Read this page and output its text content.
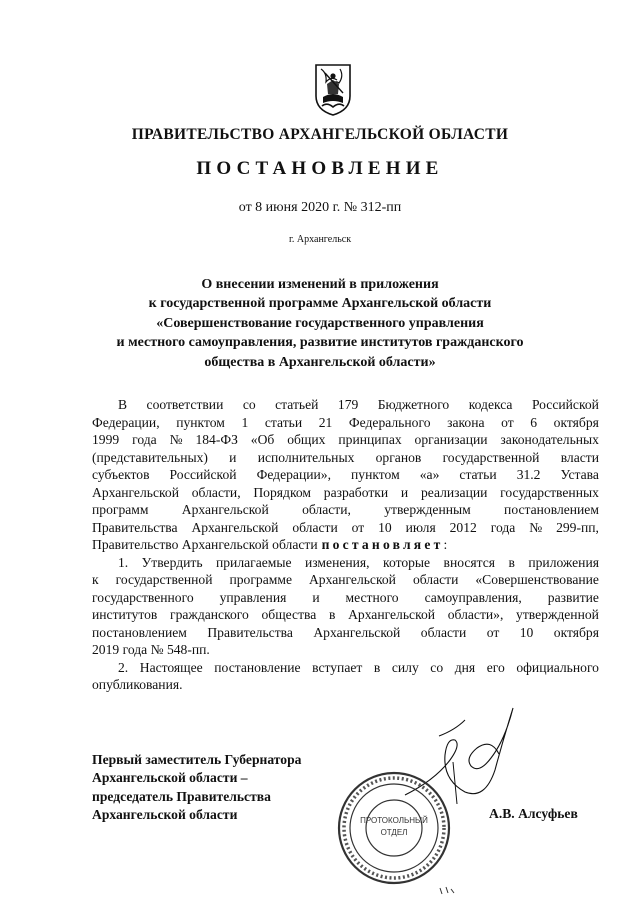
ПРАВИТЕЛЬСТВО АРХАНГЕЛЬСКОЙ ОБЛАСТИ
ПОСТАНОВЛЕНИЕ
от 8 июня 2020 г. № 312-пп
г. Архангельск
О внесении изменений в приложения
к государственной программе Архангельской области
«Совершенствование государственного управления
и местного самоуправления, развитие институтов гражданского
общества в Архангельской области»
В соответствии со статьей 179 Бюджетного кодекса Российской
Федерации, пунктом 1 статьи 21 Федерального закона от 6 октября
1999 года № 184-ФЗ «Об общих принципах организации законодательных
(представительных) и исполнительных органов государственной власти
субъектов Российской Федерации», пунктом «а» статьи 31.2 Устава
Архангельской области, Порядком разработки и реализации государственных
программ Архангельской области, утвержденным постановлением
Правительства Архангельской области от 10 июля 2012 года № 299-пп,
Правительство Архангельской области постановляет :
1. Утвердить прилагаемые изменения, которые вносятся в приложения
к государственной программе Архангельской области «Совершенствование
государственного управления и местного самоуправления, развитие
институтов гражданского общества в Архангельской области», утвержденной
постановлением Правительства Архангельской области от 10 октября
2019 года № 548-пп.
2. Настоящее постановление вступает в силу со дня его официального
опубликования.
ПРОТОКОЛЬНЫЙ
ОТДЕЛ
Первый заместитель Губернатора
Архангельской области –
председатель Правительства
Архангельской области	А.В. Алсуфьев
